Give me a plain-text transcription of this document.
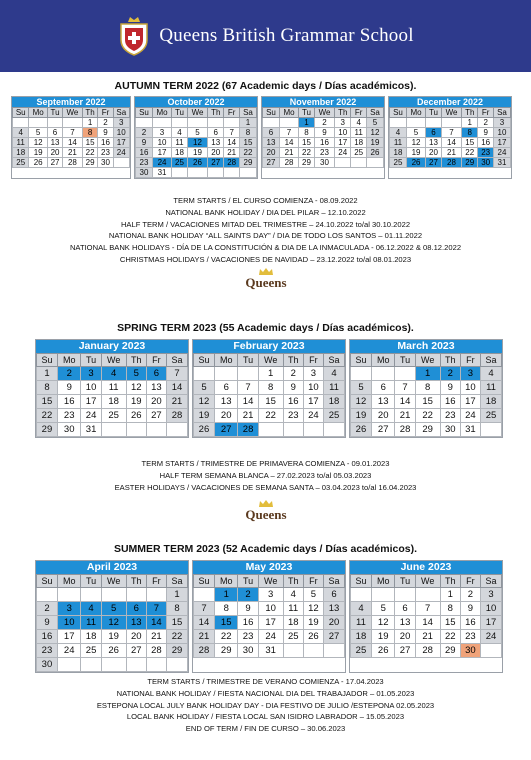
Queens British Grammar School
AUTUMN TERM 2022 (67 Academic days / Días académicos).
September 2022
Su	Mo	Tu	We	Th	Fr	Sa
				1	2	3
4	5	6	7	8	9	10
11	12	13	14	15	16	17
18	19	20	21	22	23	24
25	26	27	28	29	30	
October 2022
Su	Mo	Tu	We	Th	Fr	Sa
						1
2	3	4	5	6	7	8
9	10	11	12	13	14	15
16	17	18	19	20	21	22
23	24	25	26	27	28	29
30	31					
November 2022
Su	Mo	Tu	We	Th	Fr	Sa
		1	2	3	4	5
6	7	8	9	10	11	12
13	14	15	16	17	18	19
20	21	22	23	24	25	26
27	28	29	30			
December 2022
Su	Mo	Tu	We	Th	Fr	Sa
				1	2	3
4	5	6	7	8	9	10
11	12	13	14	15	16	17
18	19	20	21	22	23	24
25	26	27	28	29	30	31
TERM STARTS / EL CURSO COMIENZA - 08.09.2022
NATIONAL BANK HOLIDAY / DIA DEL PILAR – 12.10.2022
HALF TERM / VACACIONES MITAD DEL TRIMESTRE – 24.10.2022 to/al 30.10.2022
NATIONAL BANK HOLIDAY “ALL SAINTS DAY” / DIA DE TODO LOS SANTOS – 01.11.2022
NATIONAL BANK HOLIDAYS - DÍA DE LA CONSTITUCIÓN & DIA DE LA INMACULADA - 06.12.2022 & 08.12.2022
CHRISTMAS HOLIDAYS / VACACIONES DE NAVIDAD – 23.12.2022 to/al 08.01.2023
Queens
SPRING TERM 2023 (55 Academic days / Días académicos).
January 2023
Su	Mo	Tu	We	Th	Fr	Sa
1	2	3	4	5	6	7
8	9	10	11	12	13	14
15	16	17	18	19	20	21
22	23	24	25	26	27	28
29	30	31				
February 2023
Su	Mo	Tu	We	Th	Fr	Sa
			1	2	3	4
5	6	7	8	9	10	11
12	13	14	15	16	17	18
19	20	21	22	23	24	25
26	27	28				
March 2023
Su	Mo	Tu	We	Th	Fr	Sa
			1	2	3	4
5	6	7	8	9	10	11
12	13	14	15	16	17	18
19	20	21	22	23	24	25
26	27	28	29	30	31	
TERM STARTS / TRIMESTRE DE PRIMAVERA COMIENZA - 09.01.2023
HALF TERM SEMANA BLANCA – 27.02.2023 to/al 05.03.2023
EASTER HOLIDAYS / VACACIONES DE SEMANA SANTA – 03.04.2023 to/al 16.04.2023
Queens
SUMMER TERM 2023 (52 Academic days / Días académicos).
April 2023
Su	Mo	Tu	We	Th	Fr	Sa
						1
2	3	4	5	6	7	8
9	10	11	12	13	14	15
16	17	18	19	20	21	22
23	24	25	26	27	28	29
30						
May 2023
Su	Mo	Tu	We	Th	Fr	Sa
	1	2	3	4	5	6
7	8	9	10	11	12	13
14	15	16	17	18	19	20
21	22	23	24	25	26	27
28	29	30	31			
June 2023
Su	Mo	Tu	We	Th	Fr	Sa
				1	2	3
4	5	6	7	8	9	10
11	12	13	14	15	16	17
18	19	20	21	22	23	24
25	26	27	28	29	30	
TERM STARTS / TRIMESTRE DE VERANO COMIENZA - 17.04.2023
NATIONAL BANK HOLIDAY / FIESTA NACIONAL DIA DEL TRABAJADOR – 01.05.2023
ESTEPONA LOCAL JULY BANK HOLIDAY DAY - DIA FESTIVO DE JULIO /ESTEPONA 02.05.2023
LOCAL BANK HOLIDAY / FIESTA LOCAL SAN ISIDRO LABRADOR – 15.05.2023
END OF TERM / FIN DE CURSO – 30.06.2023
